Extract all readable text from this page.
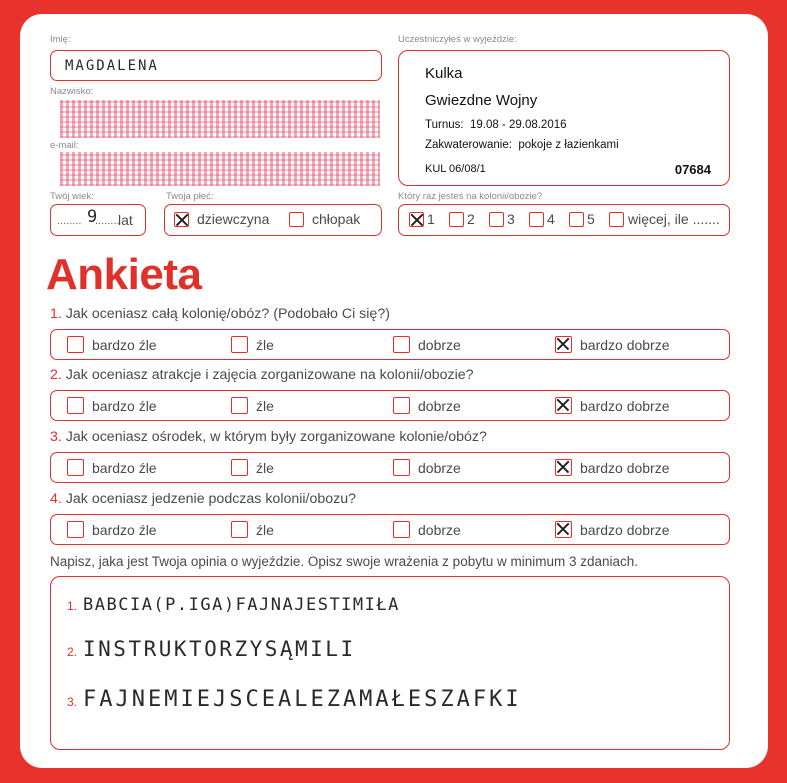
Imię:
MAGDALENA
Nazwisko:
e-mail:
Twój wiek:
........ 9
........
lat
Twoja płeć:
dziewczyna	chłopak
Uczestniczyłeś w wyjeździe:
Kulka
Gwiezdne Wojny
Turnus: 19.08 - 29.08.2016
Zakwaterowanie: pokoje z łazienkami
KUL 06/08/1	07684
Który raz jesteś na kolonii/obozie?
1 2 3 4 5 więcej, ile .......
Ankieta
1. Jak oceniasz całą kolonię/obóz? (Podobało Ci się?)
bardzo źle	źle	dobrze	bardzo dobrze
2. Jak oceniasz atrakcje i zajęcia zorganizowane na kolonii/obozie?
bardzo źle	źle	dobrze	bardzo dobrze
3. Jak oceniasz ośrodek, w którym były zorganizowane kolonie/obóz?
bardzo źle	źle	dobrze	bardzo dobrze
4. Jak oceniasz jedzenie podczas kolonii/obozu?
bardzo źle	źle	dobrze	bardzo dobrze
Napisz, jaka jest Twoja opinia o wyjeździe. Opisz swoje wrażenia z pobytu w minimum 3 zdaniach.
1. BABCIA(P.IGA)FAJNAJESTIMIŁA
2. INSTRUKTORZYSĄMILI
3. FAJNEMIEJSCEALEZAMAŁESZAFKI
